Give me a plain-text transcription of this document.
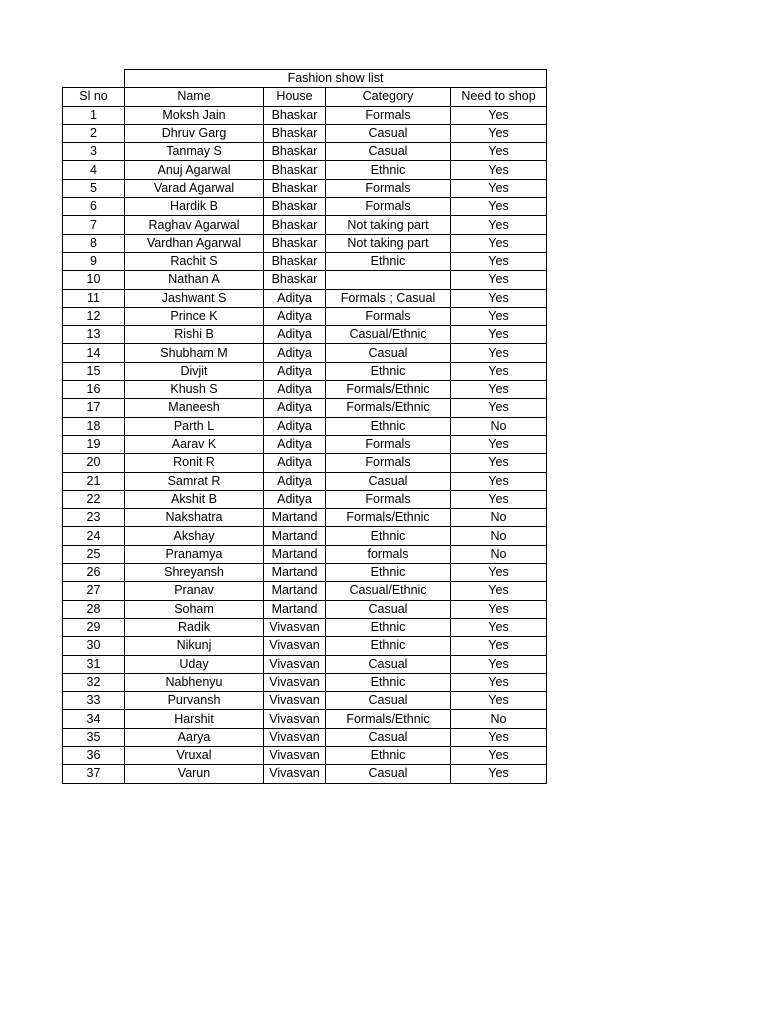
	Fashion show list			
Sl no	Name	House	Category	Need to shop
1	Moksh Jain	Bhaskar	Formals	Yes
2	Dhruv Garg	Bhaskar	Casual	Yes
3	Tanmay S	Bhaskar	Casual	Yes
4	Anuj Agarwal	Bhaskar	Ethnic	Yes
5	Varad Agarwal	Bhaskar	Formals	Yes
6	Hardik B	Bhaskar	Formals	Yes
7	Raghav Agarwal	Bhaskar	Not taking part	Yes
8	Vardhan Agarwal	Bhaskar	Not taking part	Yes
9	Rachit S	Bhaskar	Ethnic	Yes
10	Nathan A	Bhaskar		Yes
11	Jashwant S	Aditya	Formals ; Casual	Yes
12	Prince K	Aditya	Formals	Yes
13	Rishi B	Aditya	Casual/Ethnic	Yes
14	Shubham M	Aditya	Casual	Yes
15	Divjit	Aditya	Ethnic	Yes
16	Khush S	Aditya	Formals/Ethnic	Yes
17	Maneesh	Aditya	Formals/Ethnic	Yes
18	Parth L	Aditya	Ethnic	No
19	Aarav K	Aditya	Formals	Yes
20	Ronit R	Aditya	Formals	Yes
21	Samrat R	Aditya	Casual	Yes
22	Akshit B	Aditya	Formals	Yes
23	Nakshatra	Martand	Formals/Ethnic	No
24	Akshay	Martand	Ethnic	No
25	Pranamya	Martand	formals	No
26	Shreyansh	Martand	Ethnic	Yes
27	Pranav	Martand	Casual/Ethnic	Yes
28	Soham	Martand	Casual	Yes
29	Radik	Vivasvan	Ethnic	Yes
30	Nikunj	Vivasvan	Ethnic	Yes
31	Uday	Vivasvan	Casual	Yes
32	Nabhenyu	Vivasvan	Ethnic	Yes
33	Purvansh	Vivasvan	Casual	Yes
34	Harshit	Vivasvan	Formals/Ethnic	No
35	Aarya	Vivasvan	Casual	Yes
36	Vruxal	Vivasvan	Ethnic	Yes
37	Varun	Vivasvan	Casual	Yes
